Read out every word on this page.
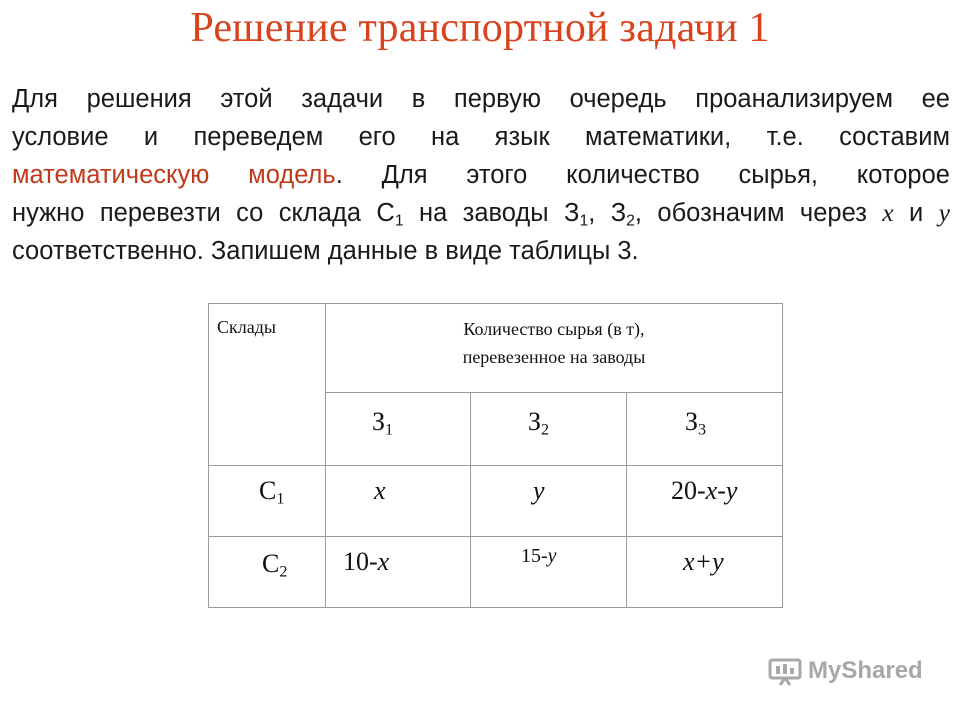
Решение транспортной задачи 1
Для решения этой задачи в первую очередь проанализируем ее
условие и переведем его на язык математики, т.е. составим
математическую модель. Для этого количество сырья, которое
нужно перевезти со склада $С_1$ на заводы $З_1$, $З_2$, обозначим через x и y
соответственно. Запишем данные в виде таблицы 3.
Склады	Количество сырья (в т),
перевезенное на заводы		

	$З_1$	$З_2$	$З_3$

$С_1$	x	y	20-x-y

$С_2$	10-x	15-y	x+y
MyShared
